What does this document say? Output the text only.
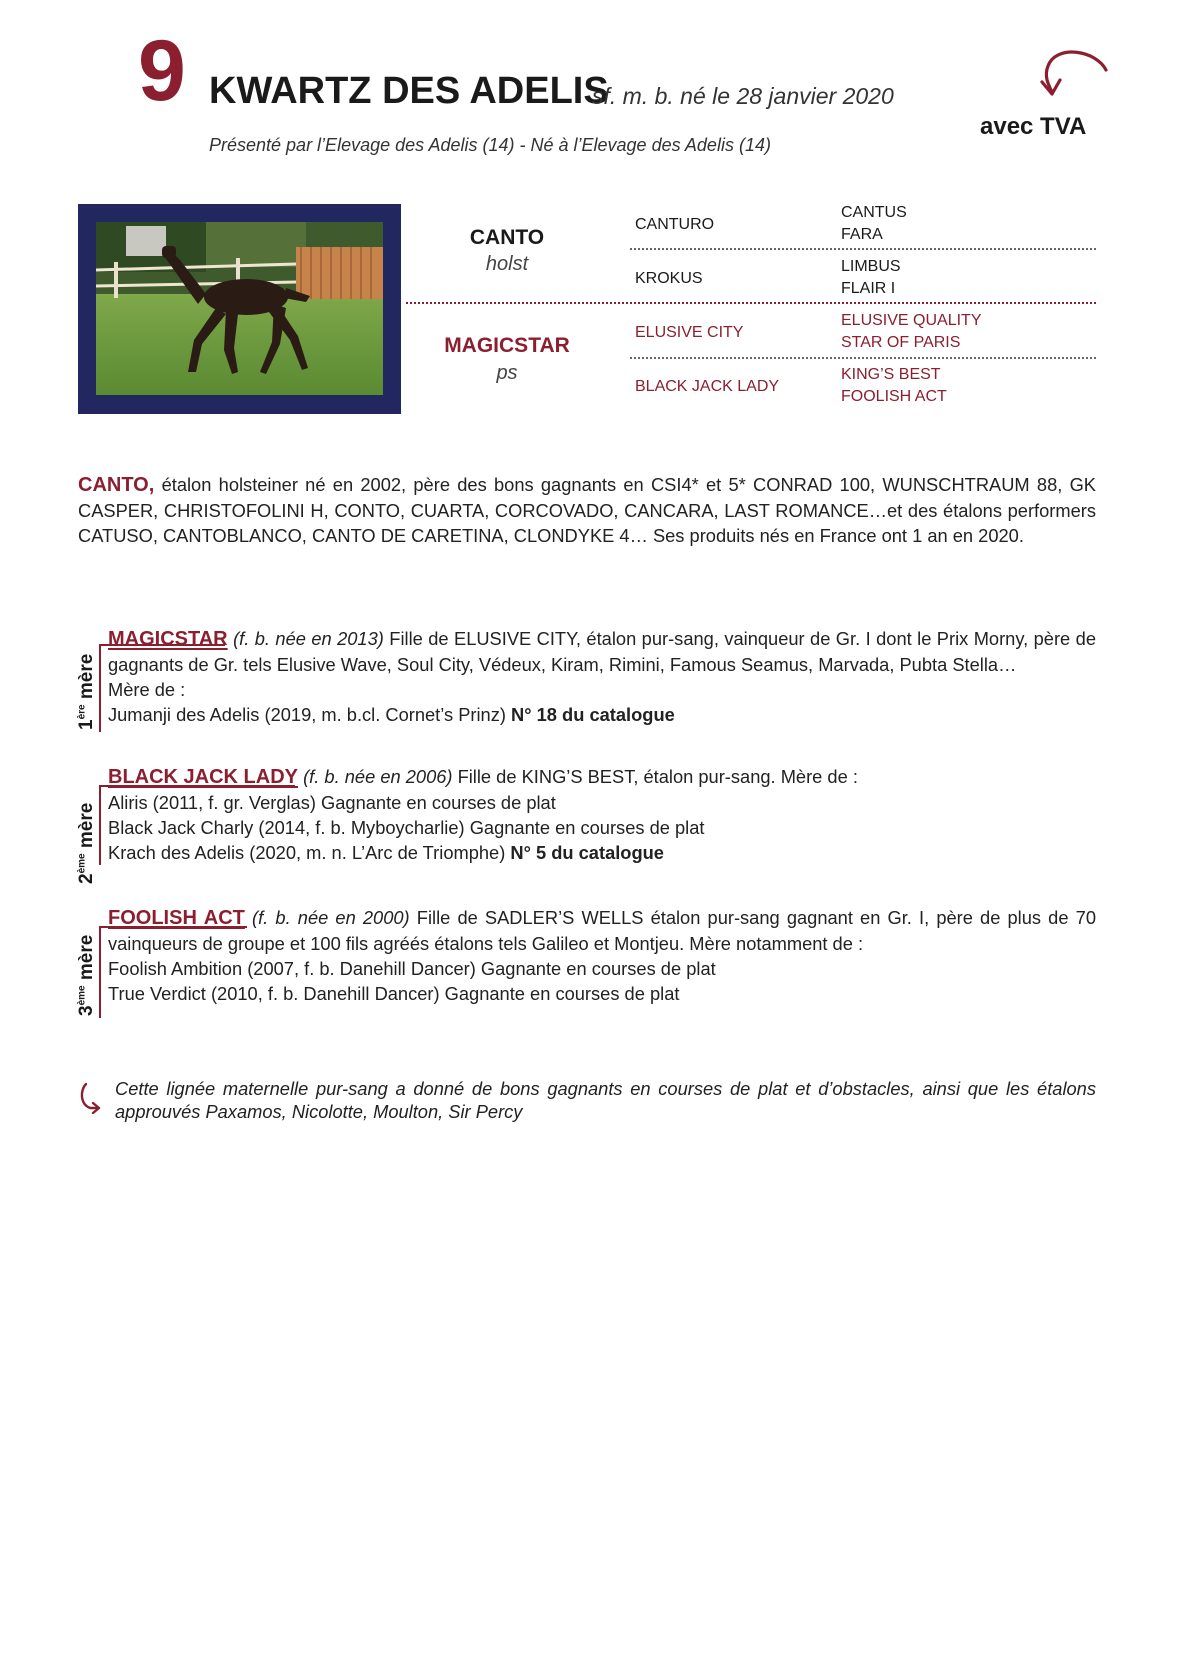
9 KWARTZ DES ADELIS
sf. m. b. né le 28 janvier 2020
Présenté par l’Elevage des Adelis (14) - Né à l’Elevage des Adelis (14)
avec TVA
CANTO
holst
MAGICSTAR
ps
CANTURO
KROKUS
ELUSIVE CITY
BLACK JACK LADY
CANTUS
FARA
LIMBUS
FLAIR I
ELUSIVE QUALITY
STAR OF PARIS
KING’S BEST
FOOLISH ACT
CANTO, étalon holsteiner né en 2002, père des bons gagnants en CSI4* et 5* CONRAD 100, WUNSCHTRAUM 88, GK CASPER, CHRISTOFOLINI H, CONTO, CUARTA, CORCOVADO, CANCARA, LAST ROMANCE…et des étalons performers CATUSO, CANTOBLANCO, CANTO DE CARETINA, CLONDYKE 4… Ses produits nés en France ont 1 an en 2020.
1ère mère
MAGICSTAR (f. b. née en 2013) Fille de ELUSIVE CITY, étalon pur-sang, vainqueur de Gr. I dont le Prix Morny, père de gagnants de Gr. tels Elusive Wave, Soul City, Védeux, Kiram, Rimini, Famous Seamus, Marvada, Pubta Stella…
Mère de :
Jumanji des Adelis (2019, m. b.cl. Cornet’s Prinz) N° 18 du catalogue
2ème mère
BLACK JACK LADY (f. b. née en 2006) Fille de KING’S BEST, étalon pur-sang. Mère de :
Aliris (2011, f. gr. Verglas) Gagnante en courses de plat
Black Jack Charly (2014, f. b. Myboycharlie) Gagnante en courses de plat
Krach des Adelis (2020, m. n. L’Arc de Triomphe) N° 5 du catalogue
3ème mère
FOOLISH ACT (f. b. née en 2000) Fille de SADLER’S WELLS étalon pur-sang gagnant en Gr. I, père de plus de 70 vainqueurs de groupe et 100 fils agréés étalons tels Galileo et Montjeu. Mère notamment de :
Foolish Ambition (2007, f. b. Danehill Dancer) Gagnante en courses de plat
True Verdict (2010, f. b. Danehill Dancer) Gagnante en courses de plat
Cette lignée maternelle pur-sang a donné de bons gagnants en courses de plat et d’obstacles, ainsi que les étalons approuvés Paxamos, Nicolotte, Moulton, Sir Percy
